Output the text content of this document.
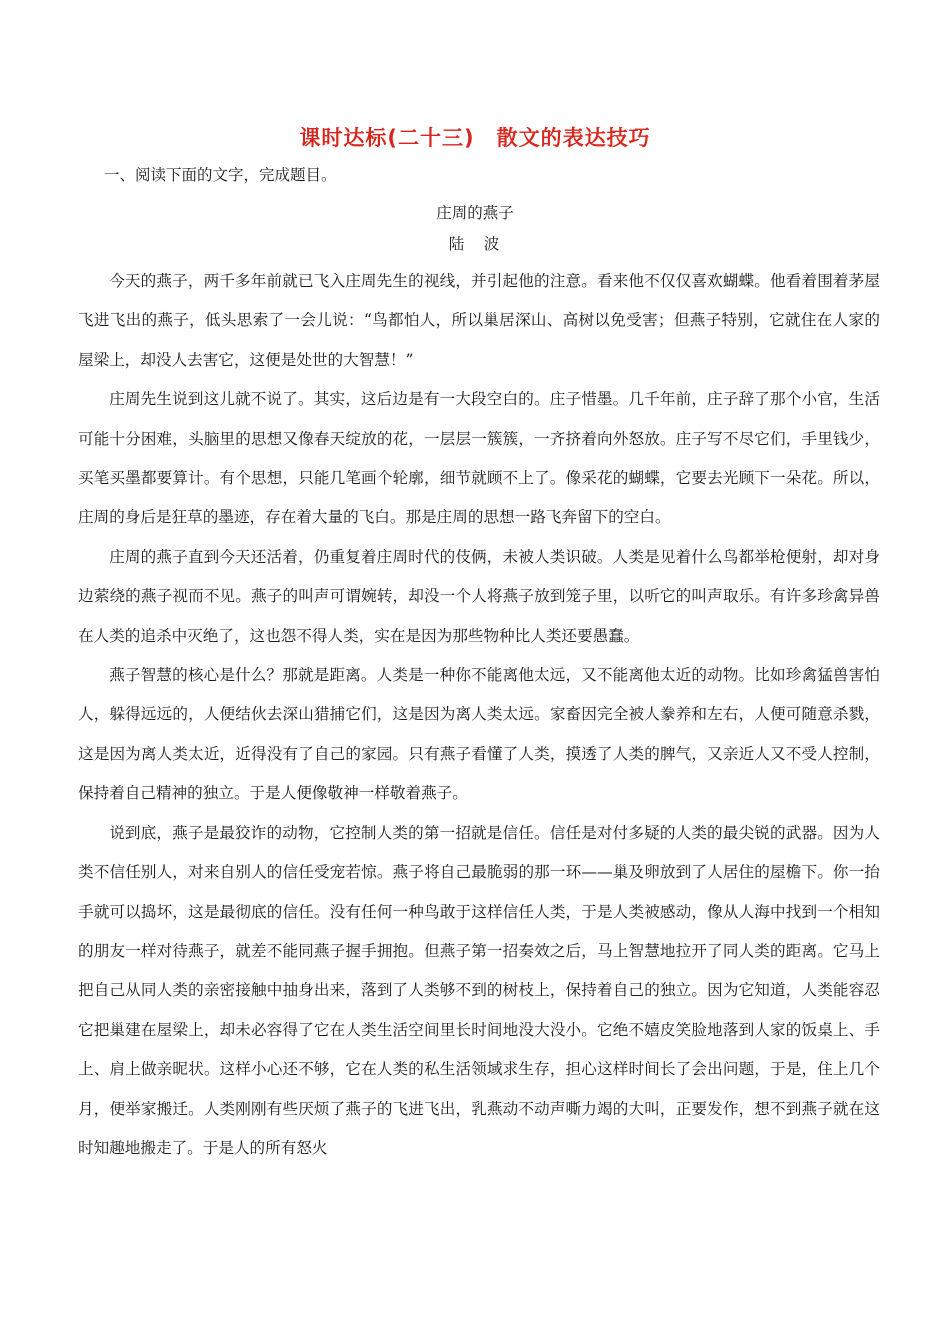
课时达标(二十三)　散文的表达技巧
一、阅读下面的文字，完成题目。
庄周的燕子
陆　波

今天的燕子，两千多年前就已飞入庄周先生的视线，并引起他的注意。看来他不仅仅喜欢蝴蝶。他看着围着茅屋飞进飞出的燕子，低头思索了一会儿说：“鸟都怕人，所以巢居深山、高树以免受害；但燕子特别，它就住在人家的屋梁上，却没人去害它，这便是处世的大智慧！”

庄周先生说到这儿就不说了。其实，这后边是有一大段空白的。庄子惜墨。几千年前，庄子辞了那个小官，生活可能十分困难，头脑里的思想又像春天绽放的花，一层层一簇簇，一齐挤着向外怒放。庄子写不尽它们，手里钱少，买笔买墨都要算计。有个思想，只能几笔画个轮廓，细节就顾不上了。像采花的蝴蝶，它要去光顾下一朵花。所以，庄周的身后是狂草的墨迹，存在着大量的飞白。那是庄周的思想一路飞奔留下的空白。

庄周的燕子直到今天还活着，仍重复着庄周时代的伎俩，未被人类识破。人类是见着什么鸟都举枪便射，却对身边萦绕的燕子视而不见。燕子的叫声可谓婉转，却没一个人将燕子放到笼子里，以听它的叫声取乐。有许多珍禽异兽在人类的追杀中灭绝了，这也怨不得人类，实在是因为那些物种比人类还要愚蠢。

燕子智慧的核心是什么？那就是距离。人类是一种你不能离他太远，又不能离他太近的动物。比如珍禽猛兽害怕人，躲得远远的，人便结伙去深山猎捕它们，这是因为离人类太远。家畜因完全被人豢养和左右，人便可随意杀戮，这是因为离人类太近，近得没有了自己的家园。只有燕子看懂了人类，摸透了人类的脾气，又亲近人又不受人控制，保持着自己精神的独立。于是人便像敬神一样敬着燕子。

说到底，燕子是最狡诈的动物，它控制人类的第一招就是信任。信任是对付多疑的人类的最尖锐的武器。因为人类不信任别人，对来自别人的信任受宠若惊。燕子将自己最脆弱的那一环——巢及卵放到了人居住的屋檐下。你一抬手就可以捣坏，这是最彻底的信任。没有任何一种鸟敢于这样信任人类，于是人类被感动，像从人海中找到一个相知的朋友一样对待燕子，就差不能同燕子握手拥抱。但燕子第一招奏效之后，马上智慧地拉开了同人类的距离。它马上把自己从同人类的亲密接触中抽身出来，落到了人类够不到的树枝上，保持着自己的独立。因为它知道，人类能容忍它把巢建在屋梁上，却未必容得了它在人类生活空间里长时间地没大没小。它绝不嬉皮笑脸地落到人家的饭桌上、手上、肩上做亲昵状。这样小心还不够，它在人类的私生活领域求生存，担心这样时间长了会出问题，于是，住上几个月，便举家搬迁。人类刚刚有些厌烦了燕子的飞进飞出，乳燕动不动声嘶力竭的大叫，正要发作，想不到燕子就在这时知趣地搬走了。于是人的所有怒火
